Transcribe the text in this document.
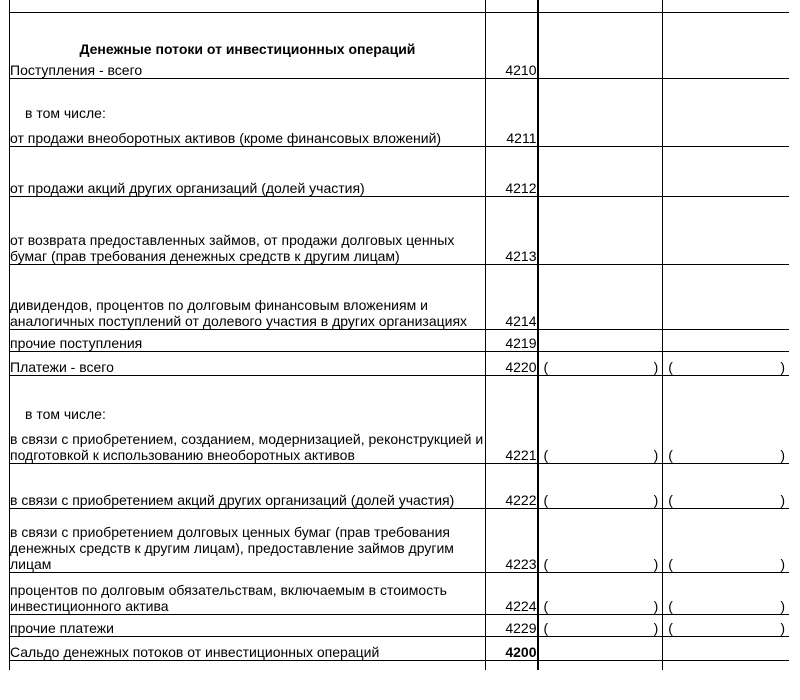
Денежные потоки от инвестиционных операций			
Поступления - всего	4210		

в том числе:
от продажи внеоборотных активов (кроме финансовых вложений)	4211		
от продажи акций других организаций (долей участия)	4212		
от возврата предоставленных займов, от продажи долговых ценных бумаг (прав требования денежных средств к другим лицам)	4213		
дивидендов, процентов по долговым финансовым вложениям и аналогичных поступлений от долевого участия в других организациях	4214		
прочие поступления	4219		
Платежи - всего	4220	( )	( )

в том числе:
в связи с приобретением, созданием, модернизацией, реконструкцией и подготовкой к использованию внеоборотных активов	4221	( )	( )

в связи с приобретением акций других организаций (долей участия)	4222	( )	( )

в связи с приобретением долговых ценных бумаг (прав требования денежных средств к другим лицам), предоставление займов другим лицам	4223	( )	( )

процентов по долговым обязательствам, включаемым в стоимость инвестиционного актива	4224	( )	( )

прочие платежи	4229	( )	( )

Сальдо денежных потоков от инвестиционных операций	4200		
